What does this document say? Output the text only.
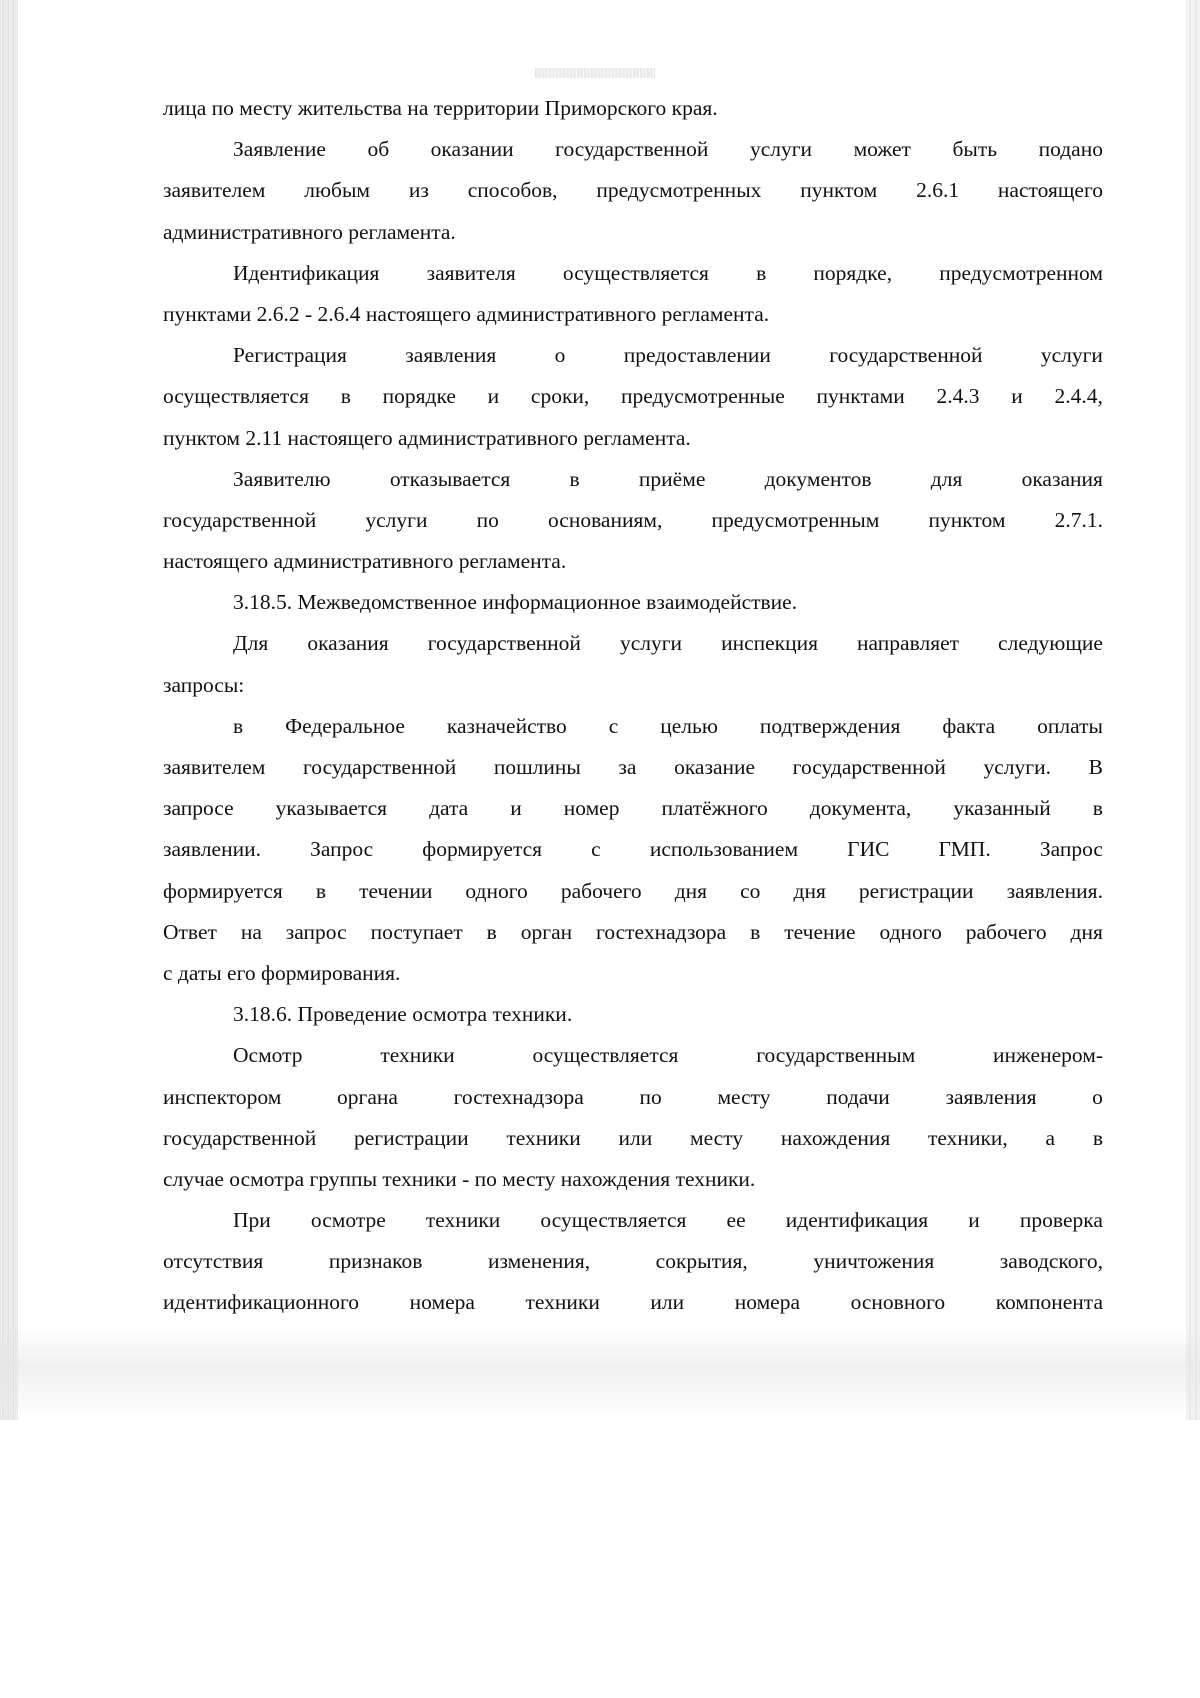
лица по месту жительства на территории Приморского края.
Заявление об оказании государственной услуги может быть подано
заявителем любым из способов, предусмотренных пунктом 2.6.1 настоящего
административного регламента.
Идентификация заявителя осуществляется в порядке, предусмотренном
пунктами 2.6.2 - 2.6.4 настоящего административного регламента.
Регистрация	заявления	о	предоставлении	государственной	услуги
осуществляется в порядке и сроки, предусмотренные пунктами 2.4.3 и 2.4.4,
пунктом 2.11 настоящего административного регламента.
Заявителю	отказывается	в	приёме	документов	для	оказания
государственной услуги по основаниям, предусмотренным пунктом 2.7.1.
настоящего административного регламента.
3.18.5. Межведомственное информационное взаимодействие.
Для оказания государственной услуги инспекция направляет следующие
запросы:
в Федеральное казначейство с целью подтверждения факта оплаты
заявителем государственной пошлины за оказание государственной услуги. В
запросе указывается дата и номер платёжного документа, указанный в
заявлении. Запрос формируется с использованием ГИС ГМП. Запрос
формируется в течении одного рабочего дня со дня регистрации заявления.
Ответ на запрос поступает в орган гостехнадзора в течение одного рабочего дня
с даты его формирования.
3.18.6. Проведение осмотра техники.
Осмотр	техники	осуществляется	государственным	инженером-
инспектором	органа	гостехнадзора	по	месту	подачи	заявления	о
государственной регистрации техники или месту нахождения техники, а в
случае осмотра группы техники - по месту нахождения техники.
При осмотре техники осуществляется ее идентификация и проверка
отсутствия	признаков	изменения,	сокрытия,	уничтожения	заводского,
идентификационного номера техники или номера основного компонента
